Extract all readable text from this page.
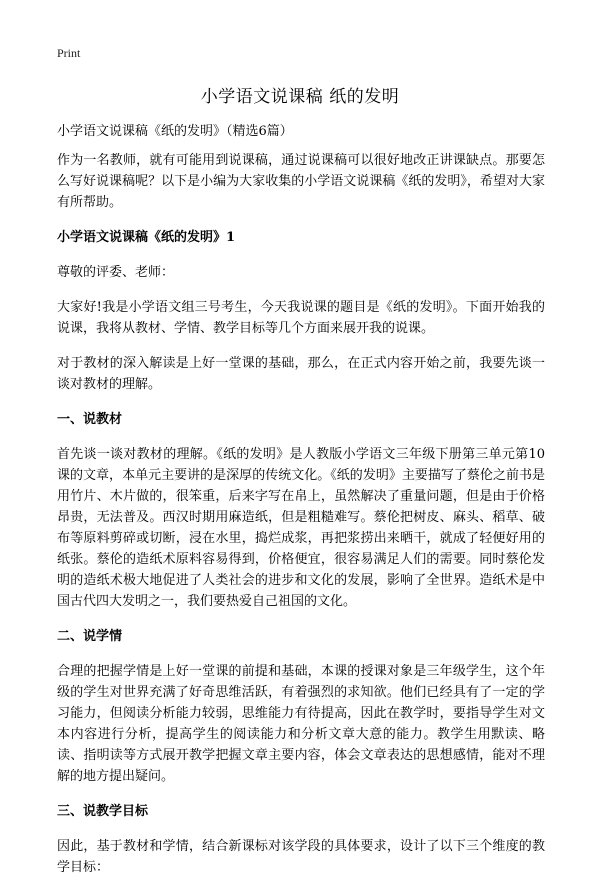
Print
小学语文说课稿 纸的发明

小学语文说课稿《纸的发明》（精选6篇）

作为一名教师，就有可能用到说课稿，通过说课稿可以很好地改正讲课缺点。那要怎么写好说课稿呢？以下是小编为大家收集的小学语文说课稿《纸的发明》，希望对大家有所帮助。

小学语文说课稿《纸的发明》1

尊敬的评委、老师：

大家好!我是小学语文组三号考生，今天我说课的题目是《纸的发明》。下面开始我的说课，我将从教材、学情、教学目标等几个方面来展开我的说课。

对于教材的深入解读是上好一堂课的基础，那么，在正式内容开始之前，我要先谈一谈对教材的理解。

一、说教材

首先谈一谈对教材的理解。《纸的发明》是人教版小学语文三年级下册第三单元第10课的文章，本单元主要讲的是深厚的传统文化。《纸的发明》主要描写了蔡伦之前书是用竹片、木片做的，很笨重，后来字写在帛上，虽然解决了重量问题，但是由于价格昂贵，无法普及。西汉时期用麻造纸，但是粗糙难写。蔡伦把树皮、麻头、稻草、破布等原料剪碎或切断，浸在水里，捣烂成浆，再把浆捞出来晒干，就成了轻便好用的纸张。蔡伦的造纸术原料容易得到，价格便宜，很容易满足人们的需要。同时蔡伦发明的造纸术极大地促进了人类社会的进步和文化的发展，影响了全世界。造纸术是中国古代四大发明之一，我们要热爱自己祖国的文化。

二、说学情

合理的把握学情是上好一堂课的前提和基础，本课的授课对象是三年级学生，这个年级的学生对世界充满了好奇思维活跃，有着强烈的求知欲。他们已经具有了一定的学习能力，但阅读分析能力较弱，思维能力有待提高，因此在教学时，要指导学生对文本内容进行分析，提高学生的阅读能力和分析文章大意的能力。教学生用默读、略读、指明读等方式展开教学把握文章主要内容，体会文章表达的思想感情，能对不理解的地方提出疑问。

三、说教学目标

因此，基于教材和学情，结合新课标对该学段的具体要求，设计了以下三个维度的教学目标：
